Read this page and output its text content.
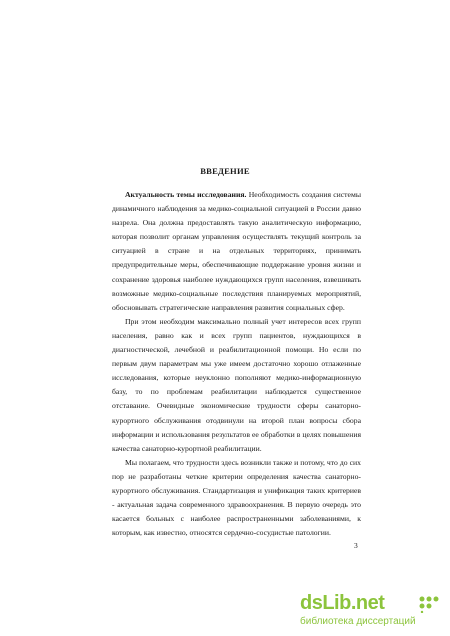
ВВЕДЕНИЕ

Актуальность темы исследования. Необходимость создания системы динамичного наблюдения за медико-социальной ситуацией в России давно назрела. Она должна предоставлять такую аналитическую информацию, которая позволит органам управления осуществлять текущий контроль за ситуацией в стране и на отдельных территориях, принимать предупредительные меры, обеспечивающие поддержание уровня жизни и сохранение здоровья наиболее нуждающихся групп населения, взвешивать возможные медико-социальные последствия планируемых мероприятий, обосновывать стратегические направления развития социальных сфер.

При этом необходим максимально полный учет интересов всех групп населения, равно как и всех групп пациентов, нуждающихся в диагностической, лечебной и реабилитационной помощи. Но если по первым двум параметрам мы уже имеем достаточно хорошо отлаженные исследования, которые неуклонно пополняют медико-информационную базу, то по проблемам реабилитации наблюдается существенное отставание. Очевидные экономические трудности сферы санаторно-курортного обслуживания отодвинули на второй план вопросы сбора информации и использования результатов ее обработки в целях повышения качества санаторно-курортной реабилитации.

Мы полагаем, что трудности здесь возникли также и потому, что до сих пор не разработаны четкие критерии определения качества санаторно-курортного обслуживания. Стандартизация и унификация таких критериев - актуальная задача современного здравоохранения. В первую очередь это касается больных с наиболее распространенными заболеваниями, к которым, как известно, относятся сердечно-сосудистые патологии.

3
dsLib.net
библиотека диссертаций
